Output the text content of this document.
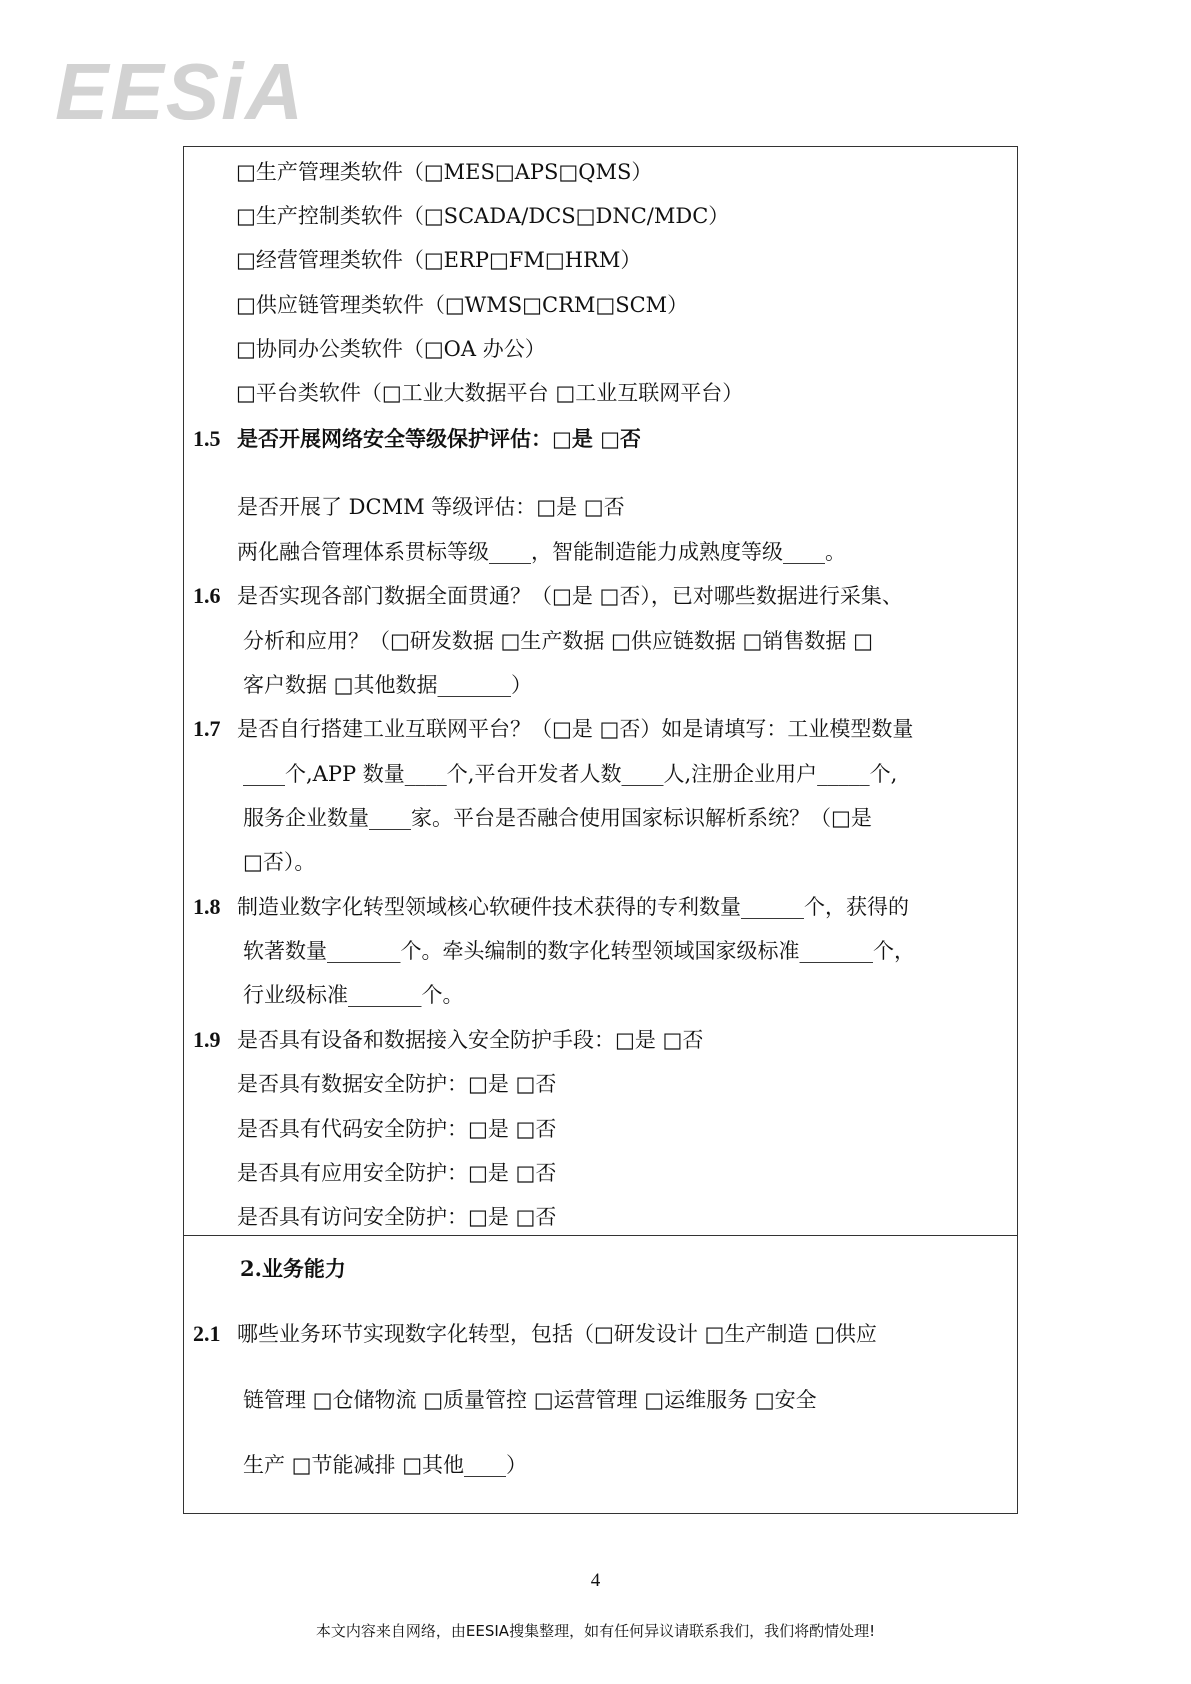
EESiA
□生产管理类软件（□MES□APS□QMS）
□生产控制类软件（□SCADA/DCS□DNC/MDC）
□经营管理类软件（□ERP□FM□HRM）
□供应链管理类软件（□WMS□CRM□SCM）
□协同办公类软件（□OA 办公）
□平台类软件（□工业大数据平台 □工业互联网平台）
1.5 是否开展网络安全等级保护评估：□是 □否
是否开展了 DCMM 等级评估：□是 □否
两化融合管理体系贯标等级____，智能制造能力成熟度等级____。
1.6 是否实现各部门数据全面贯通？（□是 □否），已对哪些数据进行采集、
分析和应用？（□研发数据 □生产数据 □供应链数据 □销售数据 □
客户数据 □其他数据_______）
1.7 是否自行搭建工业互联网平台？（□是 □否）如是请填写：工业模型数量
____个,APP 数量____个,平台开发者人数____人,注册企业用户_____个,
服务企业数量____家。平台是否融合使用国家标识解析系统？（□是
□否）。
1.8 制造业数字化转型领域核心软硬件技术获得的专利数量______个，获得的
软著数量_______个。牵头编制的数字化转型领域国家级标准_______个，
行业级标准_______个。
1.9 是否具有设备和数据接入安全防护手段：□是 □否
是否具有数据安全防护：□是 □否
是否具有代码安全防护：□是 □否
是否具有应用安全防护：□是 □否
是否具有访问安全防护：□是 □否
2.业务能力
2.1 哪些业务环节实现数字化转型，包括（□研发设计 □生产制造 □供应
链管理 □仓储物流 □质量管控 □运营管理 □运维服务 □安全
生产 □节能减排 □其他____）
4
本文内容来自网络，由EESIA搜集整理，如有任何异议请联系我们，我们将酌情处理!
